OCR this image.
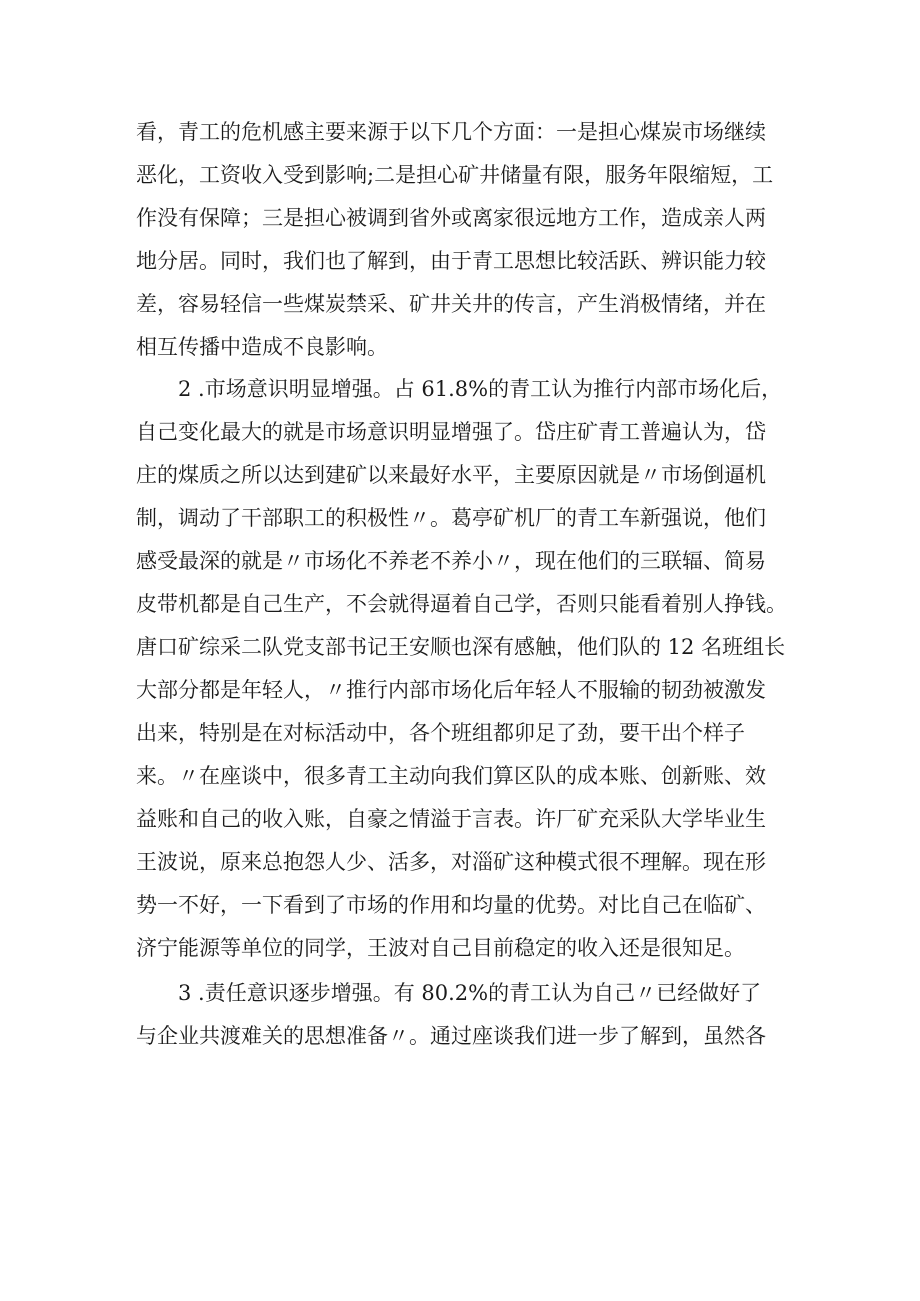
看，青工的危机感主要来源于以下几个方面：一是担心煤炭市场继续
恶化，工资收入受到影响;二是担心矿井储量有限，服务年限缩短，工
作没有保障；三是担心被调到省外或离家很远地方工作，造成亲人两
地分居。同时，我们也了解到，由于青工思想比较活跃、辨识能力较
差，容易轻信一些煤炭禁采、矿井关井的传言，产生消极情绪，并在
相互传播中造成不良影响。
2 .市场意识明显增强。占 61.8%的青工认为推行内部市场化后，
自己变化最大的就是市场意识明显增强了。岱庄矿青工普遍认为，岱
庄的煤质之所以达到建矿以来最好水平，主要原因就是〃市场倒逼机
制，调动了干部职工的积极性〃。葛亭矿机厂的青工车新强说，他们
感受最深的就是〃市场化不养老不养小〃，现在他们的三联辐、简易
皮带机都是自己生产，不会就得逼着自己学，否则只能看着别人挣钱。
唐口矿综采二队党支部书记王安顺也深有感触，他们队的 12 名班组长
大部分都是年轻人，〃推行内部市场化后年轻人不服输的韧劲被激发
出来，特别是在对标活动中，各个班组都卯足了劲，要干出个样子
来。〃在座谈中，很多青工主动向我们算区队的成本账、创新账、效
益账和自己的收入账，自豪之情溢于言表。许厂矿充采队大学毕业生
王波说，原来总抱怨人少、活多，对淄矿这种模式很不理解。现在形
势一不好，一下看到了市场的作用和均量的优势。对比自己在临矿、
济宁能源等单位的同学，王波对自己目前稳定的收入还是很知足。
3 .责任意识逐步增强。有 80.2%的青工认为自己〃已经做好了
与企业共渡难关的思想准备〃。通过座谈我们进一步了解到，虽然各
